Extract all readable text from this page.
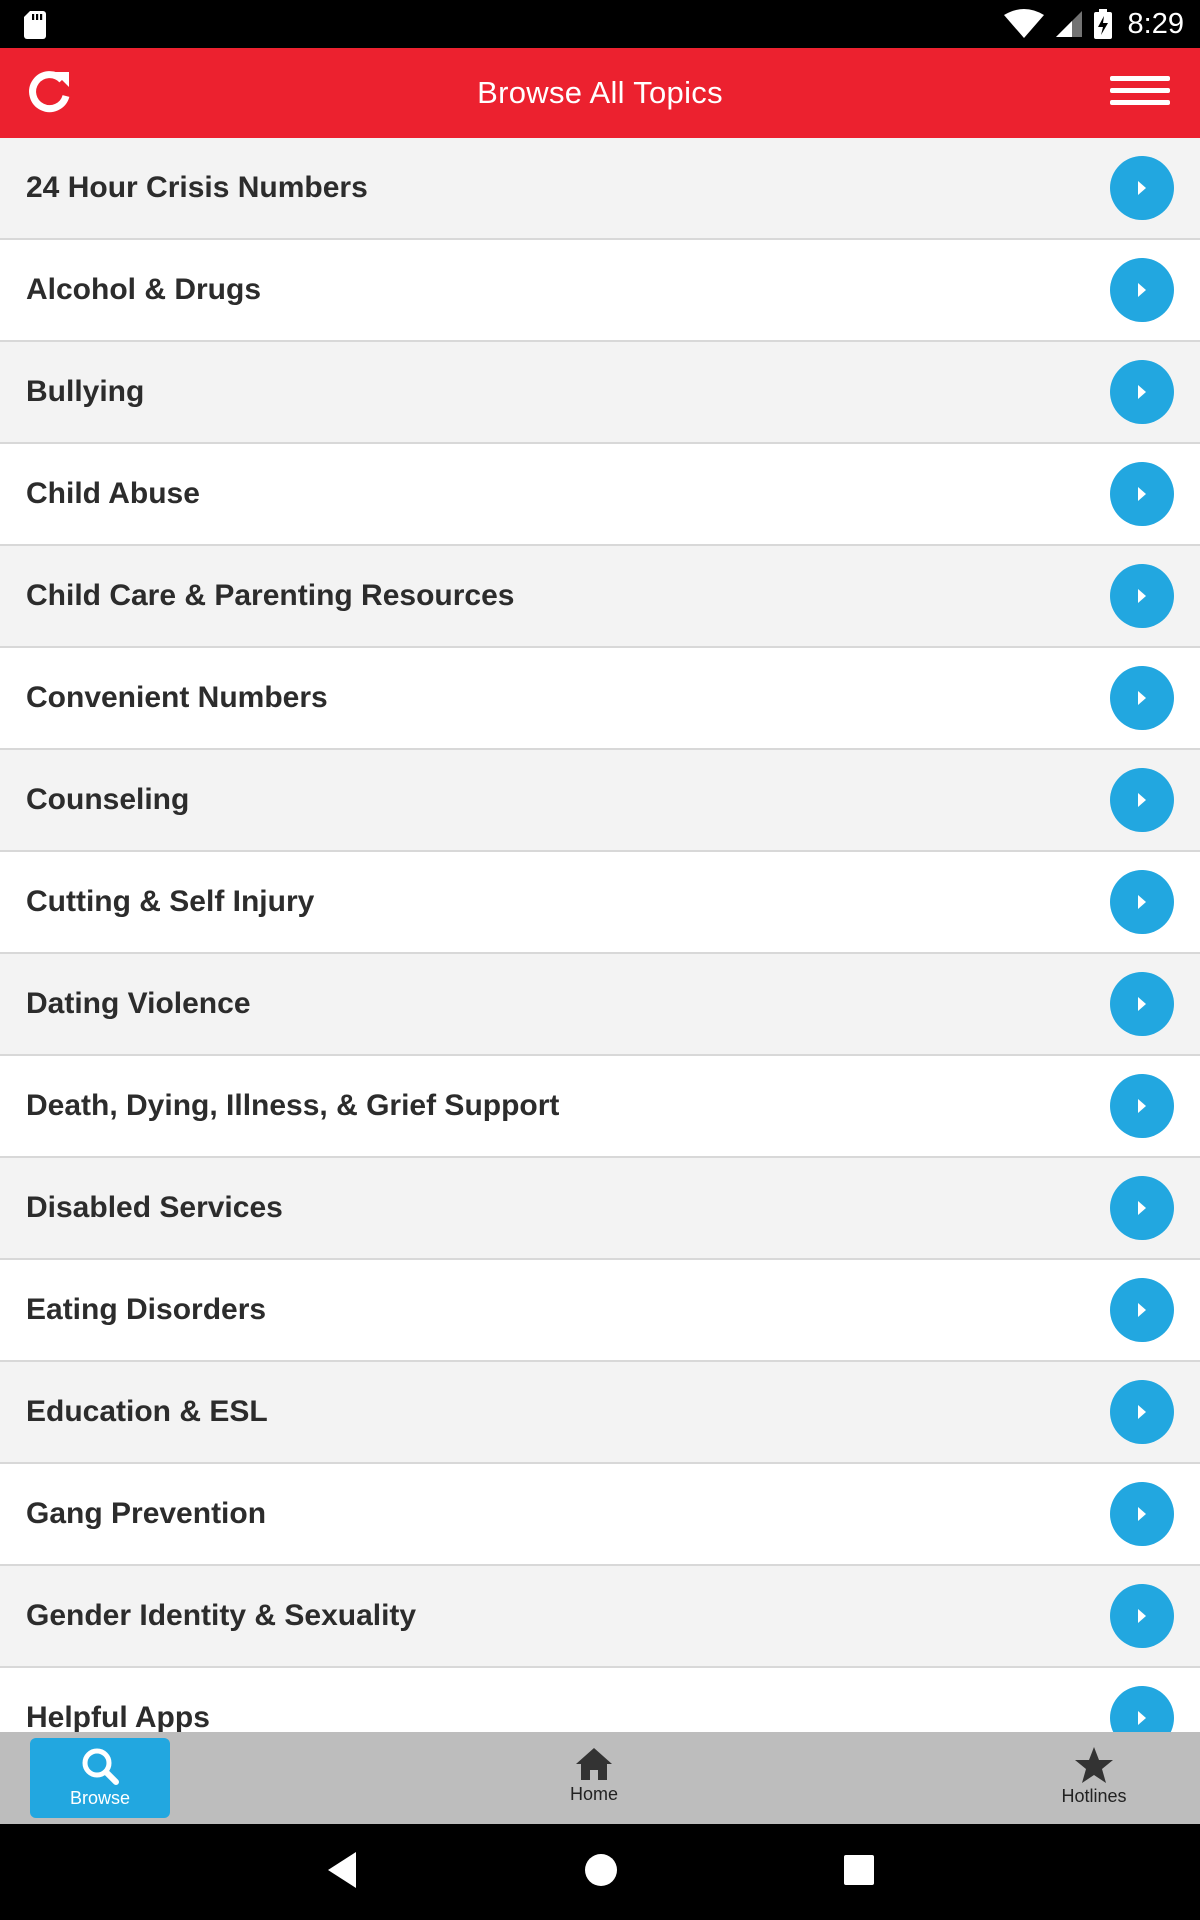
8:29
Browse All Topics
24 Hour Crisis Numbers
Alcohol & Drugs
Bullying
Child Abuse
Child Care & Parenting Resources
Convenient Numbers
Counseling
Cutting & Self Injury
Dating Violence
Death, Dying, Illness, & Grief Support
Disabled Services
Eating Disorders
Education & ESL
Gang Prevention
Gender Identity & Sexuality
Helpful Apps
Browse	Home	Hotlines
